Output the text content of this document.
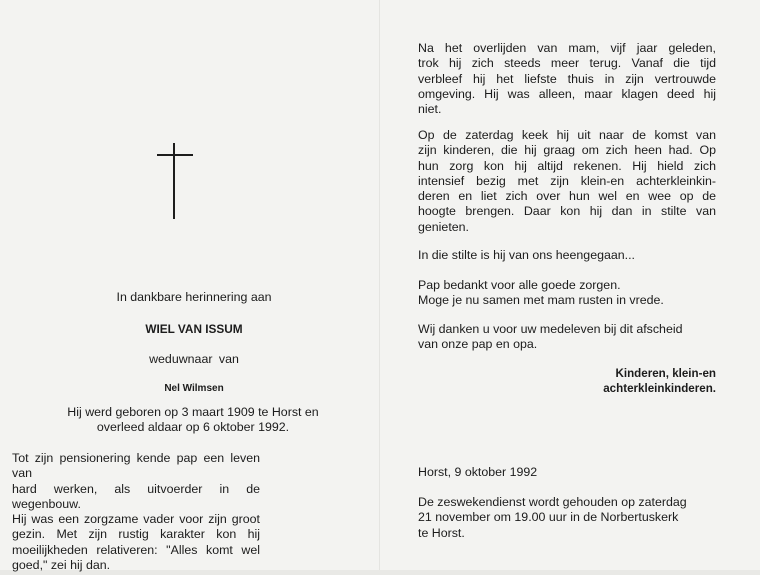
In dankbare herinnering aan
WIEL VAN ISSUM
weduwnaar van
Nel Wilmsen
Hij werd geboren op 3 maart 1909 te Horst en
overleed aldaar op 6 oktober 1992.
Tot zijn pensionering kende pap een leven van
hard werken, als uitvoerder in de wegenbouw.
Hij was een zorgzame vader voor zijn groot
gezin. Met zijn rustig karakter kon hij
moeilijkheden relativeren: "Alles komt wel
goed," zei hij dan.
Na het overlijden van mam, vijf jaar geleden,
trok hij zich steeds meer terug. Vanaf die tijd
verbleef hij het liefste thuis in zijn vertrouwde
omgeving. Hij was alleen, maar klagen deed hij
niet.
Op de zaterdag keek hij uit naar de komst van
zijn kinderen, die hij graag om zich heen had. Op
hun zorg kon hij altijd rekenen. Hij hield zich
intensief bezig met zijn klein-en achterkleinkin-
deren en liet zich over hun wel en wee op de
hoogte brengen. Daar kon hij dan in stilte van
genieten.
In die stilte is hij van ons heengegaan...
Pap bedankt voor alle goede zorgen.
Moge je nu samen met mam rusten in vrede.
Wij danken u voor uw medeleven bij dit afscheid
van onze pap en opa.
Kinderen, klein-en
achterkleinkinderen.
Horst, 9 oktober 1992
De zeswekendienst wordt gehouden op zaterdag
21 november om 19.00 uur in de Norbertuskerk
te Horst.
